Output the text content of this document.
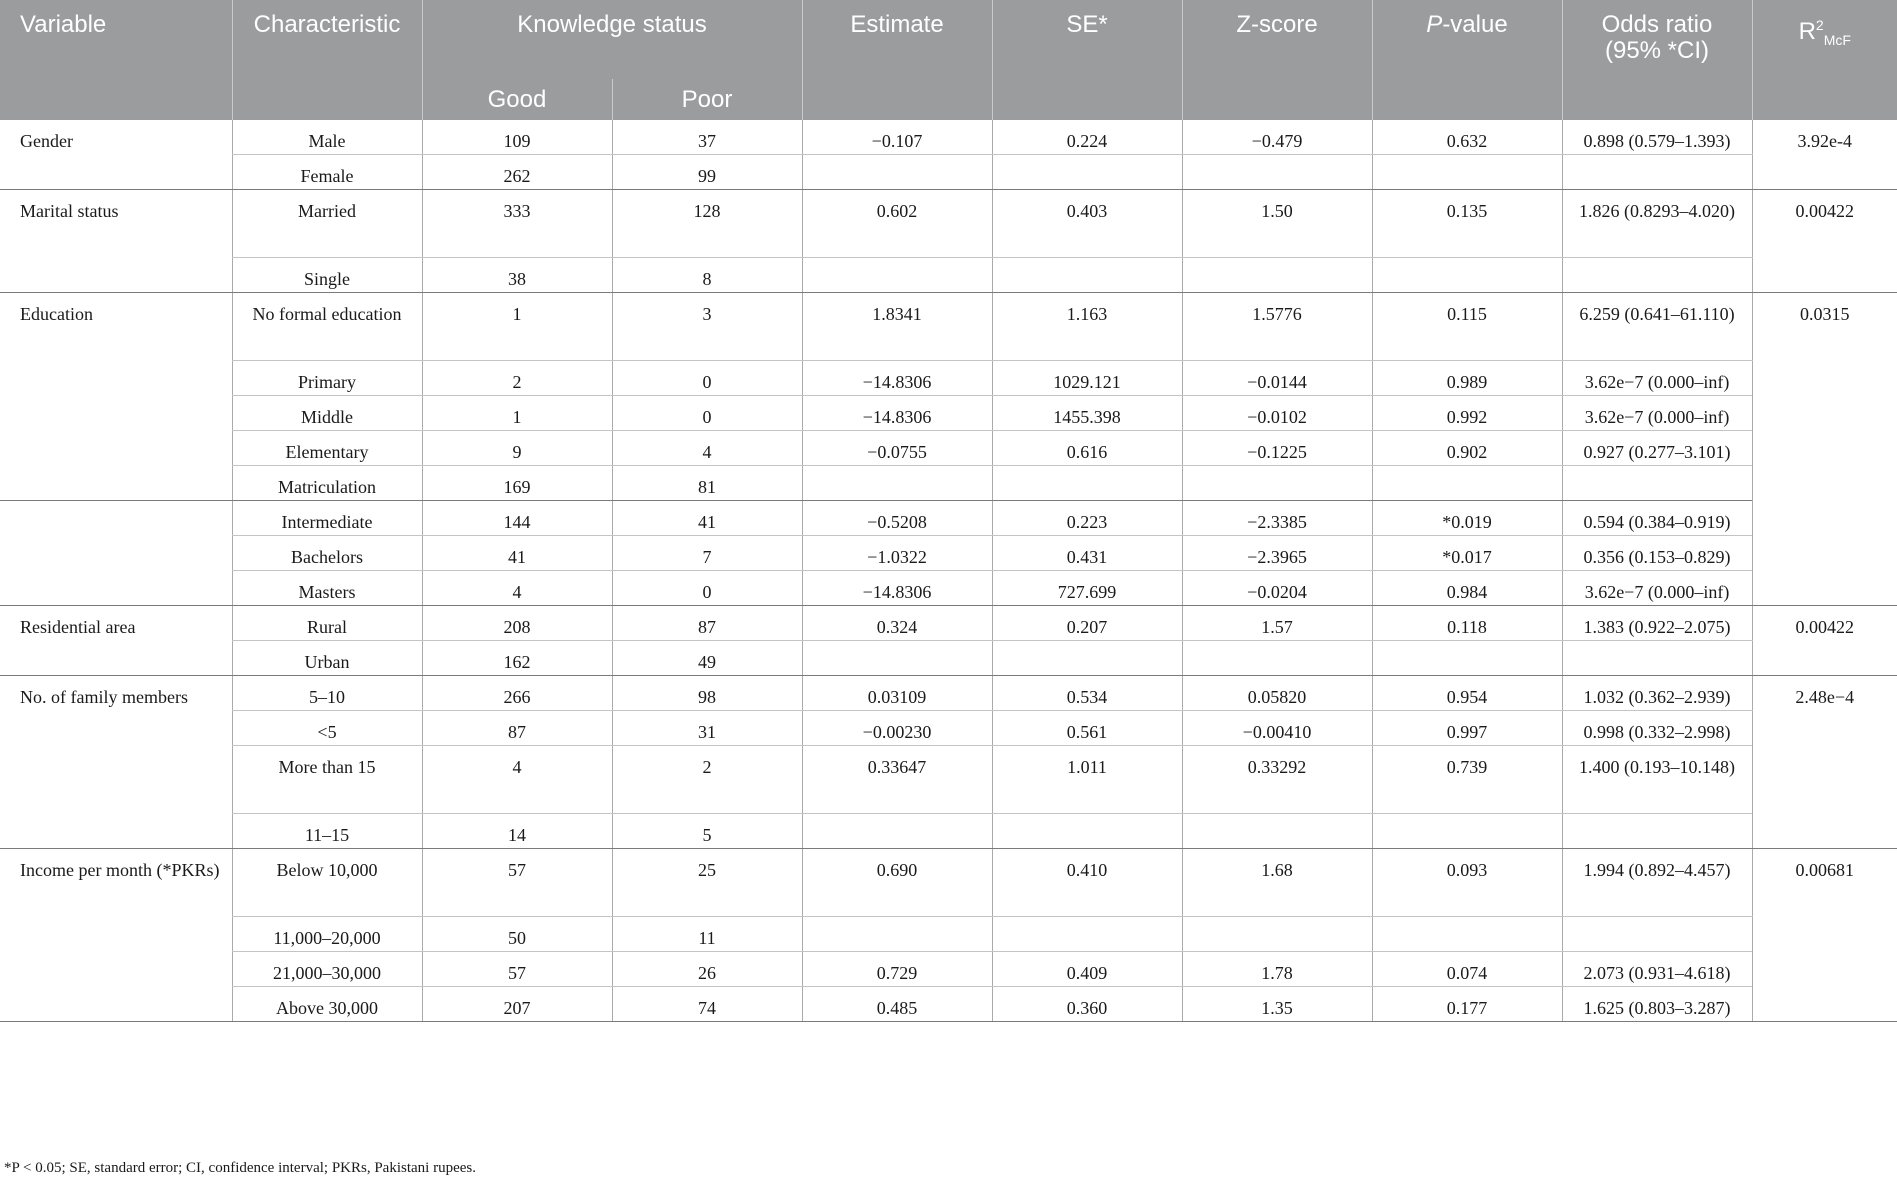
Variable	Characteristic	Knowledge status		Estimate	SE*	Z-score	P-value	Odds ratio
(95% *CI)	$R^2_{McF}$
		Good	Poor						
Gender	Male	109	37	−0.107	0.224	−0.479	0.632	0.898 (0.579–1.393)	3.92e-4
	Female	262	99						
Marital status	Married	333	128	0.602	0.403	1.50	0.135	1.826 (0.8293–4.020)	0.00422
	Single	38	8						
Education	No formal education	1	3	1.8341	1.163	1.5776	0.115	6.259 (0.641–61.110)	0.0315
	Primary	2	0	−14.8306	1029.121	−0.0144	0.989	3.62e−7 (0.000–inf)	
	Middle	1	0	−14.8306	1455.398	−0.0102	0.992	3.62e−7 (0.000–inf)	
	Elementary	9	4	−0.0755	0.616	−0.1225	0.902	0.927 (0.277–3.101)	
	Matriculation	169	81						
	Intermediate	144	41	−0.5208	0.223	−2.3385	*0.019	0.594 (0.384–0.919)	
	Bachelors	41	7	−1.0322	0.431	−2.3965	*0.017	0.356 (0.153–0.829)	
	Masters	4	0	−14.8306	727.699	−0.0204	0.984	3.62e−7 (0.000–inf)	
Residential area	Rural	208	87	0.324	0.207	1.57	0.118	1.383 (0.922–2.075)	0.00422
	Urban	162	49						
No. of family members	5–10	266	98	0.03109	0.534	0.05820	0.954	1.032 (0.362–2.939)	2.48e−4
	<5	87	31	−0.00230	0.561	−0.00410	0.997	0.998 (0.332–2.998)	
	More than 15	4	2	0.33647	1.011	0.33292	0.739	1.400 (0.193–10.148)	
	11–15	14	5						
Income per month (*PKRs)	Below 10,000	57	25	0.690	0.410	1.68	0.093	1.994 (0.892–4.457)	0.00681
	11,000–20,000	50	11						
	21,000–30,000	57	26	0.729	0.409	1.78	0.074	2.073 (0.931–4.618)	
	Above 30,000	207	74	0.485	0.360	1.35	0.177	1.625 (0.803–3.287)	
*P < 0.05; SE, standard error; CI, confidence interval; PKRs, Pakistani rupees.
